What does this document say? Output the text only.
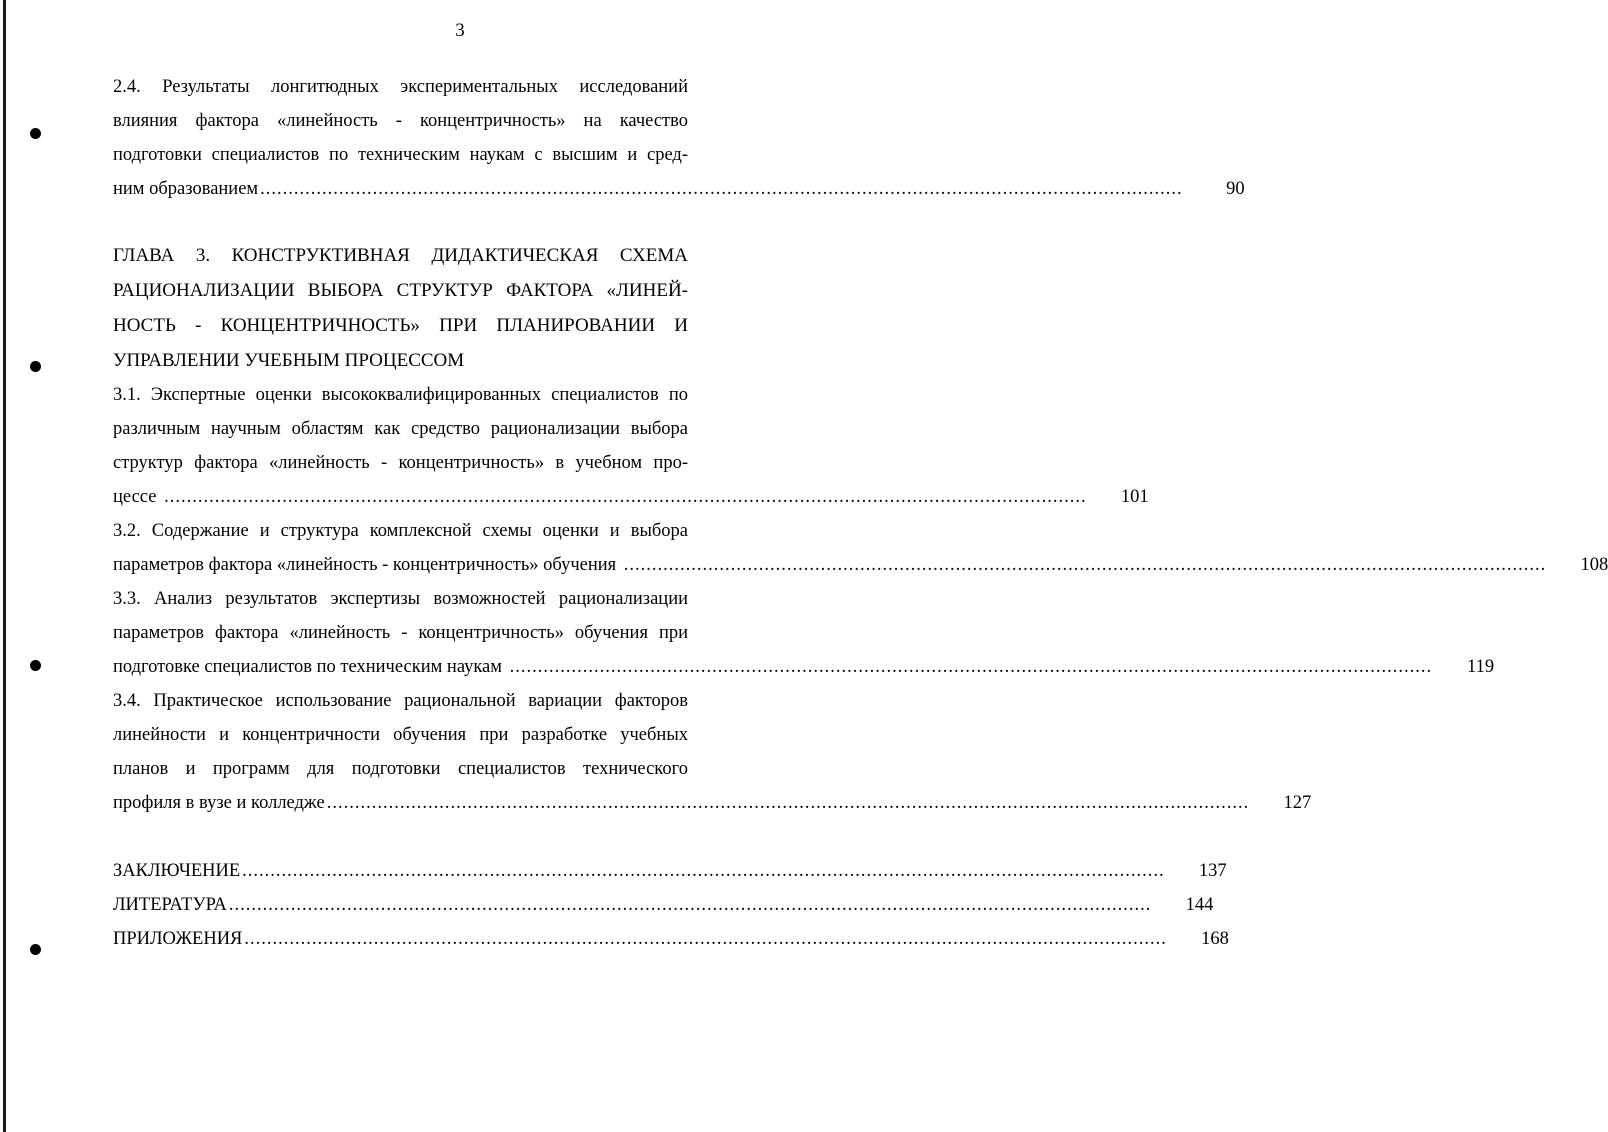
3
2.4. Результаты лонгитюдных экспериментальных исследований
влияния фактора «линейность - концентричность» на качество
подготовки специалистов по техническим наукам с высшим и сред-
ним образованием ....................................................................................................................................................................	90
ГЛАВА 3. КОНСТРУКТИВНАЯ ДИДАКТИЧЕСКАЯ СХЕМА
РАЦИОНАЛИЗАЦИИ ВЫБОРА СТРУКТУР ФАКТОРА «ЛИНЕЙ-
НОСТЬ - КОНЦЕНТРИЧНОСТЬ» ПРИ ПЛАНИРОВАНИИ И
УПРАВЛЕНИИ УЧЕБНЫМ ПРОЦЕССОМ
3.1. Экспертные оценки высококвалифицированных специалистов по
различным научным областям как средство рационализации выбора
структур фактора «линейность - концентричность» в учебном про-
цессе ....................................................................................................................................................................	101
3.2. Содержание и структура комплексной схемы оценки и выбора
параметров фактора «линейность - концентричность» обучения ....................................................................................................................................................................	108
3.3. Анализ результатов экспертизы возможностей рационализации
параметров фактора «линейность - концентричность» обучения при
подготовке специалистов по техническим наукам ....................................................................................................................................................................	119
3.4. Практическое использование рациональной вариации факторов
линейности и концентричности обучения при разработке учебных
планов и программ для подготовки специалистов технического
профиля в вузе и колледже ....................................................................................................................................................................	127
ЗАКЛЮЧЕНИЕ ....................................................................................................................................................................	137
ЛИТЕРАТУРА ....................................................................................................................................................................	144
ПРИЛОЖЕНИЯ ....................................................................................................................................................................	168
